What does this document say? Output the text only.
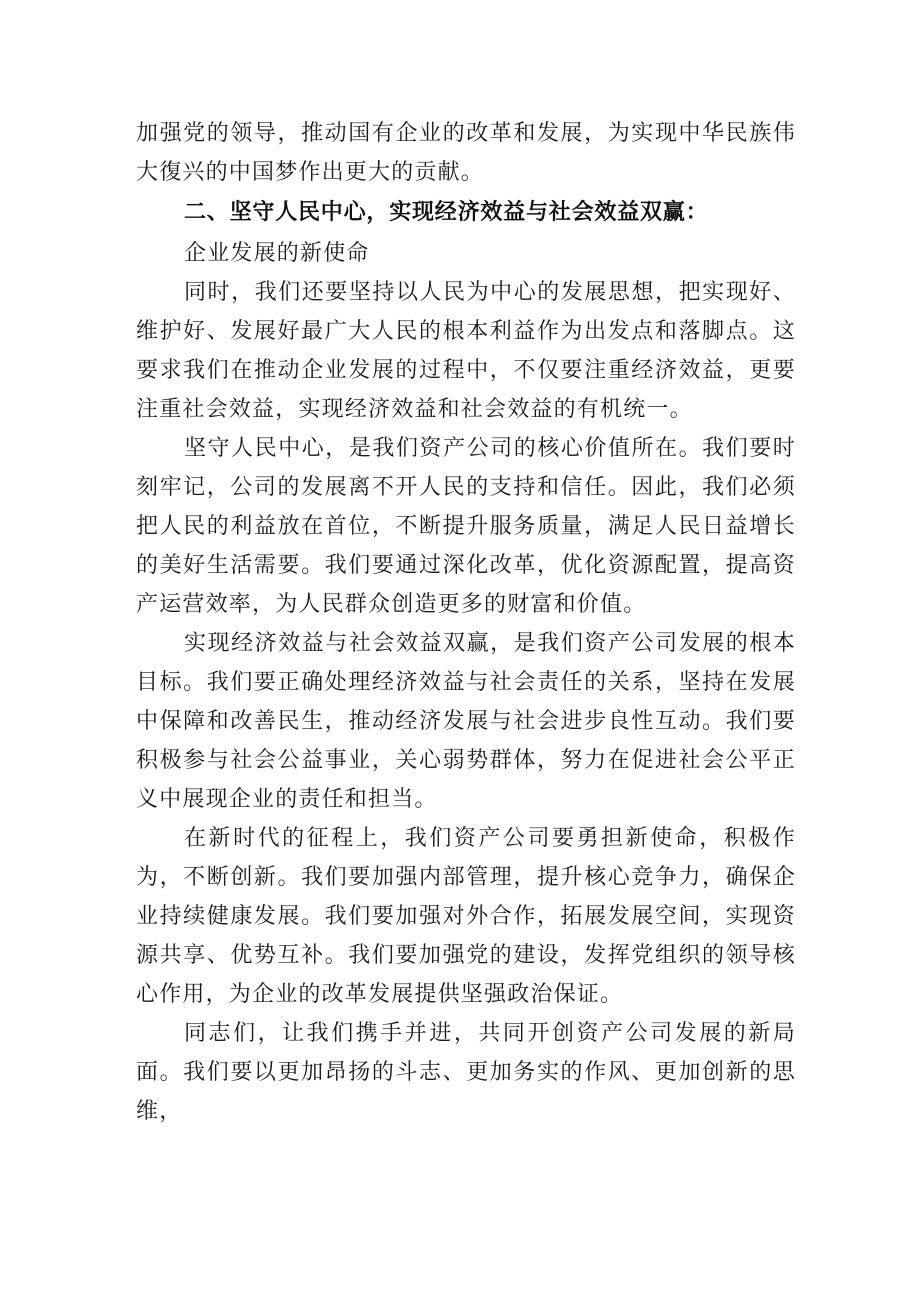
加强党的领导，推动国有企业的改革和发展，为实现中华民族伟大復兴的中国梦作出更大的贡献。

二、坚守人民中心，实现经济效益与社会效益双赢：

企业发展的新使命

同时，我们还要坚持以人民为中心的发展思想，把实现好、维护好、发展好最广大人民的根本利益作为出发点和落脚点。这要求我们在推动企业发展的过程中，不仅要注重经济效益，更要注重社会效益，实现经济效益和社会效益的有机统一。

坚守人民中心，是我们资产公司的核心价值所在。我们要时刻牢记，公司的发展离不开人民的支持和信任。因此，我们必须把人民的利益放在首位，不断提升服务质量，满足人民日益增长的美好生活需要。我们要通过深化改革，优化资源配置，提高资产运营效率，为人民群众创造更多的财富和价值。

实现经济效益与社会效益双赢，是我们资产公司发展的根本目标。我们要正确处理经济效益与社会责任的关系，坚持在发展中保障和改善民生，推动经济发展与社会进步良性互动。我们要积极参与社会公益事业，关心弱势群体，努力在促进社会公平正义中展现企业的责任和担当。

在新时代的征程上，我们资产公司要勇担新使命，积极作为，不断创新。我们要加强内部管理，提升核心竞争力，确保企业持续健康发展。我们要加强对外合作，拓展发展空间，实现资源共享、优势互补。我们要加强党的建设，发挥党组织的领导核心作用，为企业的改革发展提供坚强政治保证。

同志们，让我们携手并进，共同开创资产公司发展的新局面。我们要以更加昂扬的斗志、更加务实的作风、更加创新的思维，
